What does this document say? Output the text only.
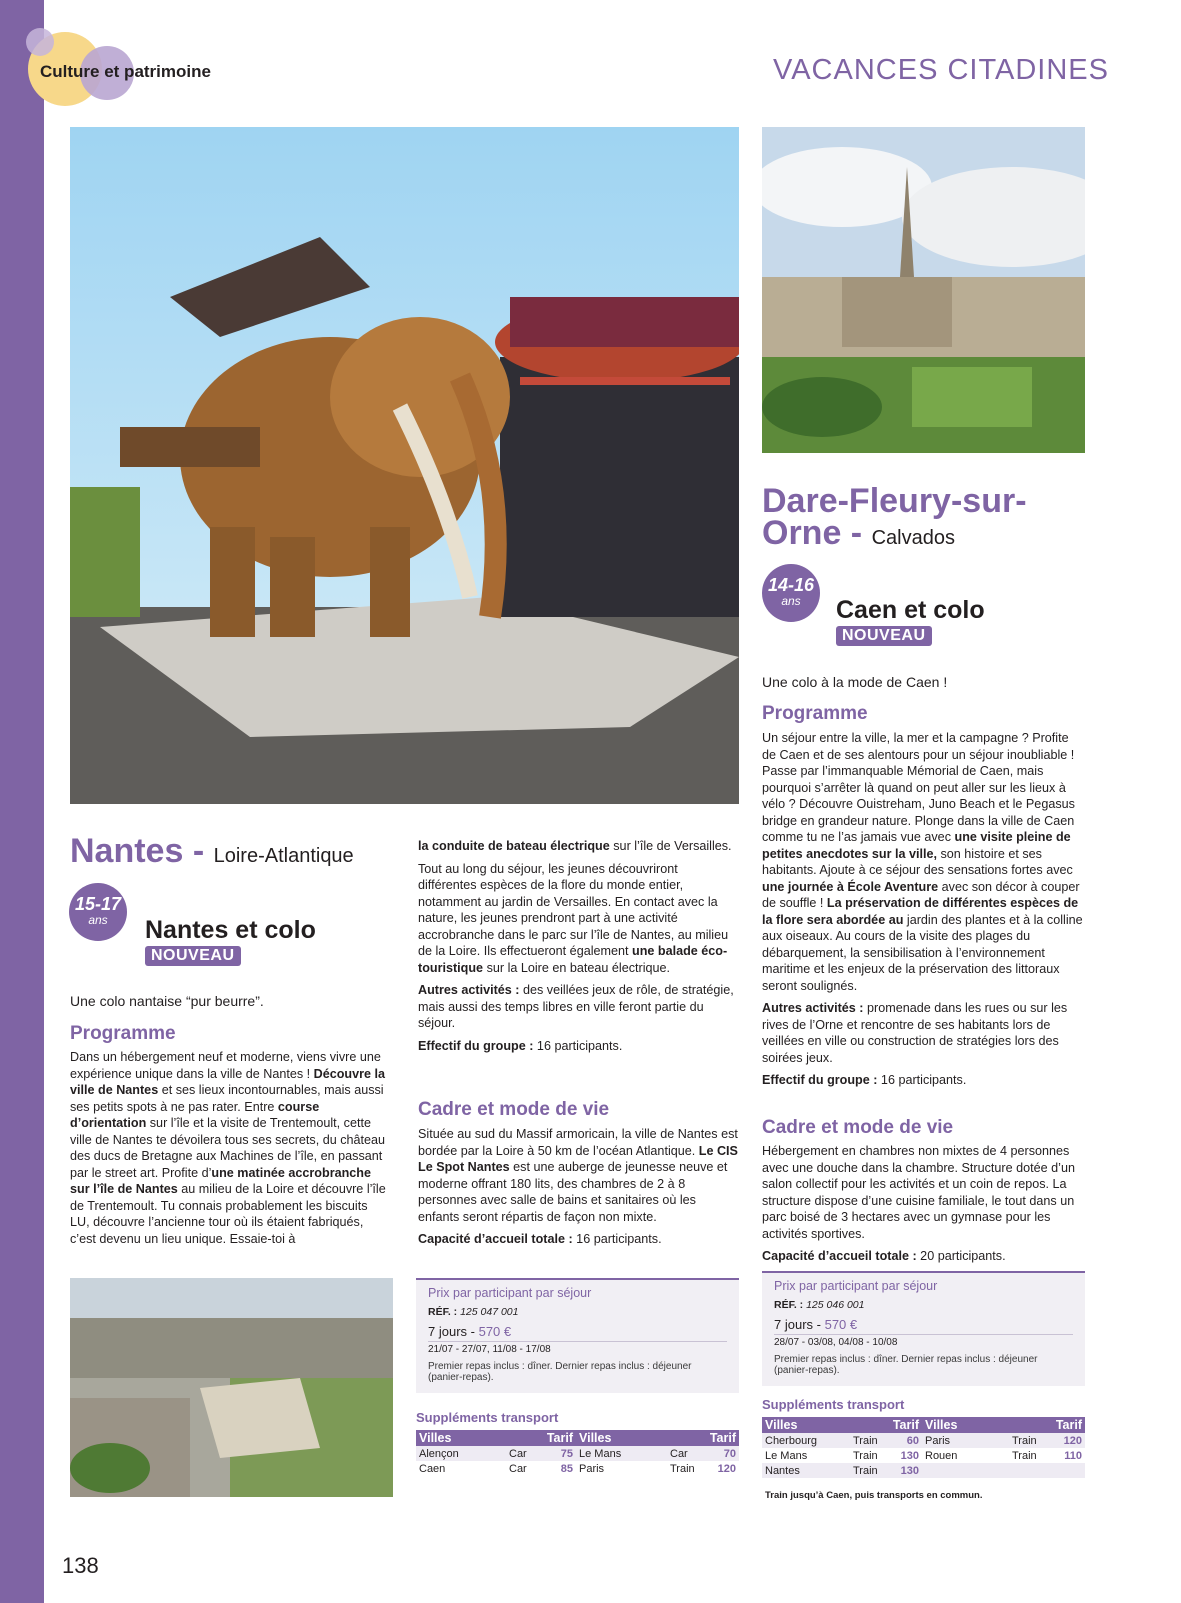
Culture et patrimoine	VACANCES CITADINES
Nantes - Loire-Atlantique
15-17
ans	Nantes et colo
NOUVEAU
Une colo nantaise “pur beurre”.
Programme

Dans un hébergement neuf et moderne, viens vivre une expérience unique dans la ville de Nantes ! Découvre la ville de Nantes et ses lieux incontournables, mais aussi ses petits spots à ne pas rater. Entre course d’orientation sur l’île et la visite de Trentemoult, cette ville de Nantes te dévoilera tous ses secrets, du château des ducs de Bretagne aux Machines de l’île, en passant par le street art. Profite d’une matinée accrobranche sur l’île de Nantes au milieu de la Loire et découvre l’île de Trentemoult. Tu connais probablement les biscuits LU, découvre l’ancienne tour où ils étaient fabriqués, c’est devenu un lieu unique. Essaie-toi à

la conduite de bateau électrique sur l’île de Versailles.

Tout au long du séjour, les jeunes découvriront différentes espèces de la flore du monde entier, notamment au jardin de Versailles. En contact avec la nature, les jeunes prendront part à une activité accrobranche dans le parc sur l’île de Nantes, au milieu de la Loire. Ils effectueront également une balade éco-touristique sur la Loire en bateau électrique.

Autres activités : des veillées jeux de rôle, de stratégie, mais aussi des temps libres en ville feront partie du séjour.

Effectif du groupe : 16 participants.

Cadre et mode de vie

Située au sud du Massif armoricain, la ville de Nantes est bordée par la Loire à 50 km de l’océan Atlantique. Le CIS Le Spot Nantes est une auberge de jeunesse neuve et moderne offrant 180 lits, des chambres de 2 à 8 personnes avec salle de bains et sanitaires où les enfants seront répartis de façon non mixte.

Capacité d’accueil totale : 16 participants.

Prix par participant par séjour
RÉF. : 125 047 001
7 jours - 570 €
21/07 - 27/07, 11/08 - 17/08
Premier repas inclus : dîner. Dernier repas inclus : déjeuner (panier-repas).
Suppléments transport
Villes		Tarif	Villes		Tarif
Alençon	Car	75	Le Mans	Car	70
Caen	Car	85	Paris	Train	120
Dare-Fleury-sur-
Orne - Calvados
14-16
ans	Caen et colo
NOUVEAU
Une colo à la mode de Caen !
Programme

Un séjour entre la ville, la mer et la campagne ? Profite de Caen et de ses alentours pour un séjour inoubliable ! Passe par l’immanquable Mémorial de Caen, mais pourquoi s’arrêter là quand on peut aller sur les lieux à vélo ? Découvre Ouistreham, Juno Beach et le Pegasus bridge en grandeur nature. Plonge dans la ville de Caen comme tu ne l’as jamais vue avec une visite pleine de petites anecdotes sur la ville, son histoire et ses habitants. Ajoute à ce séjour des sensations fortes avec une journée à École Aventure avec son décor à couper de souffle ! La préservation de différentes espèces de la flore sera abordée au jardin des plantes et à la colline aux oiseaux. Au cours de la visite des plages du débarquement, la sensibilisation à l’environnement maritime et les enjeux de la préservation des littoraux seront soulignés.

Autres activités : promenade dans les rues ou sur les rives de l’Orne et rencontre de ses habitants lors de veillées en ville ou construction de stratégies lors des soirées jeux.

Effectif du groupe : 16 participants.

Cadre et mode de vie

Hébergement en chambres non mixtes de 4 personnes avec une douche dans la chambre. Structure dotée d’un salon collectif pour les activités et un coin de repos. La structure dispose d’une cuisine familiale, le tout dans un parc boisé de 3 hectares avec un gymnase pour les activités sportives.

Capacité d’accueil totale : 20 participants.

Prix par participant par séjour
RÉF. : 125 046 001
7 jours - 570 €
28/07 - 03/08, 04/08 - 10/08
Premier repas inclus : dîner. Dernier repas inclus : déjeuner (panier-repas).
Suppléments transport
Villes		Tarif	Villes		Tarif
Cherbourg	Train	60	Paris	Train	120
Le Mans	Train	130	Rouen	Train	110
Nantes	Train	130			
Train jusqu’à Caen, puis transports en commun.
138
